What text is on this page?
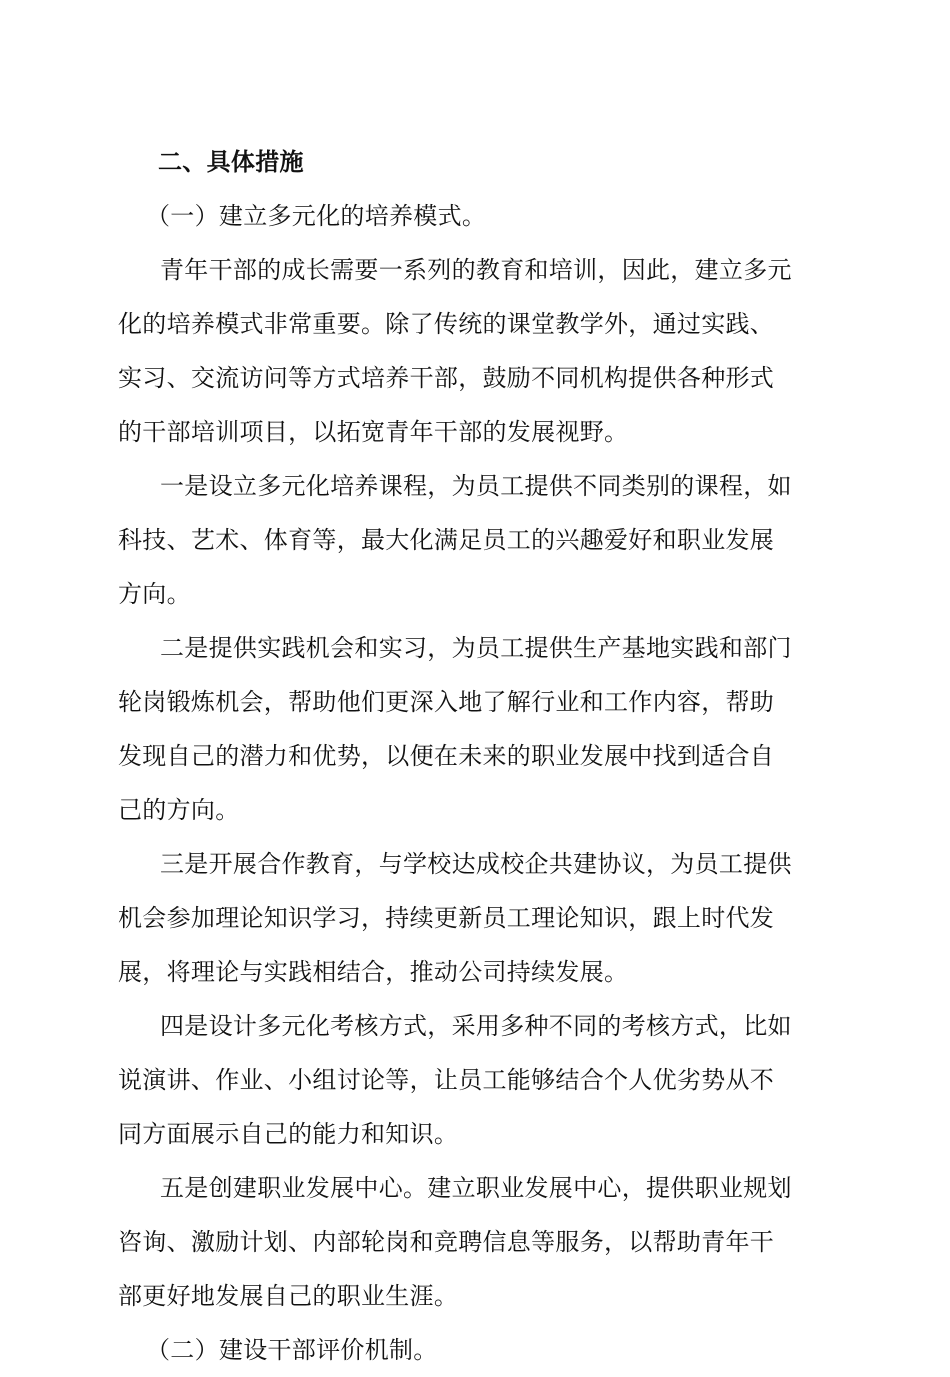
二、具体措施
（一）建立多元化的培养模式。
青年干部的成长需要一系列的教育和培训，因此，建立多元
化的培养模式非常重要。除了传统的课堂教学外，通过实践、
实习、交流访问等方式培养干部，鼓励不同机构提供各种形式
的干部培训项目，以拓宽青年干部的发展视野。
一是设立多元化培养课程，为员工提供不同类别的课程，如
科技、艺术、体育等，最大化满足员工的兴趣爱好和职业发展
方向。
二是提供实践机会和实习，为员工提供生产基地实践和部门
轮岗锻炼机会，帮助他们更深入地了解行业和工作内容，帮助
发现自己的潜力和优势，以便在未来的职业发展中找到适合自
己的方向。
三是开展合作教育，与学校达成校企共建协议，为员工提供
机会参加理论知识学习，持续更新员工理论知识，跟上时代发
展，将理论与实践相结合，推动公司持续发展。
四是设计多元化考核方式，采用多种不同的考核方式，比如
说演讲、作业、小组讨论等，让员工能够结合个人优劣势从不
同方面展示自己的能力和知识。
五是创建职业发展中心。建立职业发展中心，提供职业规划
咨询、激励计划、内部轮岗和竞聘信息等服务，以帮助青年干
部更好地发展自己的职业生涯。
（二）建设干部评价机制。
